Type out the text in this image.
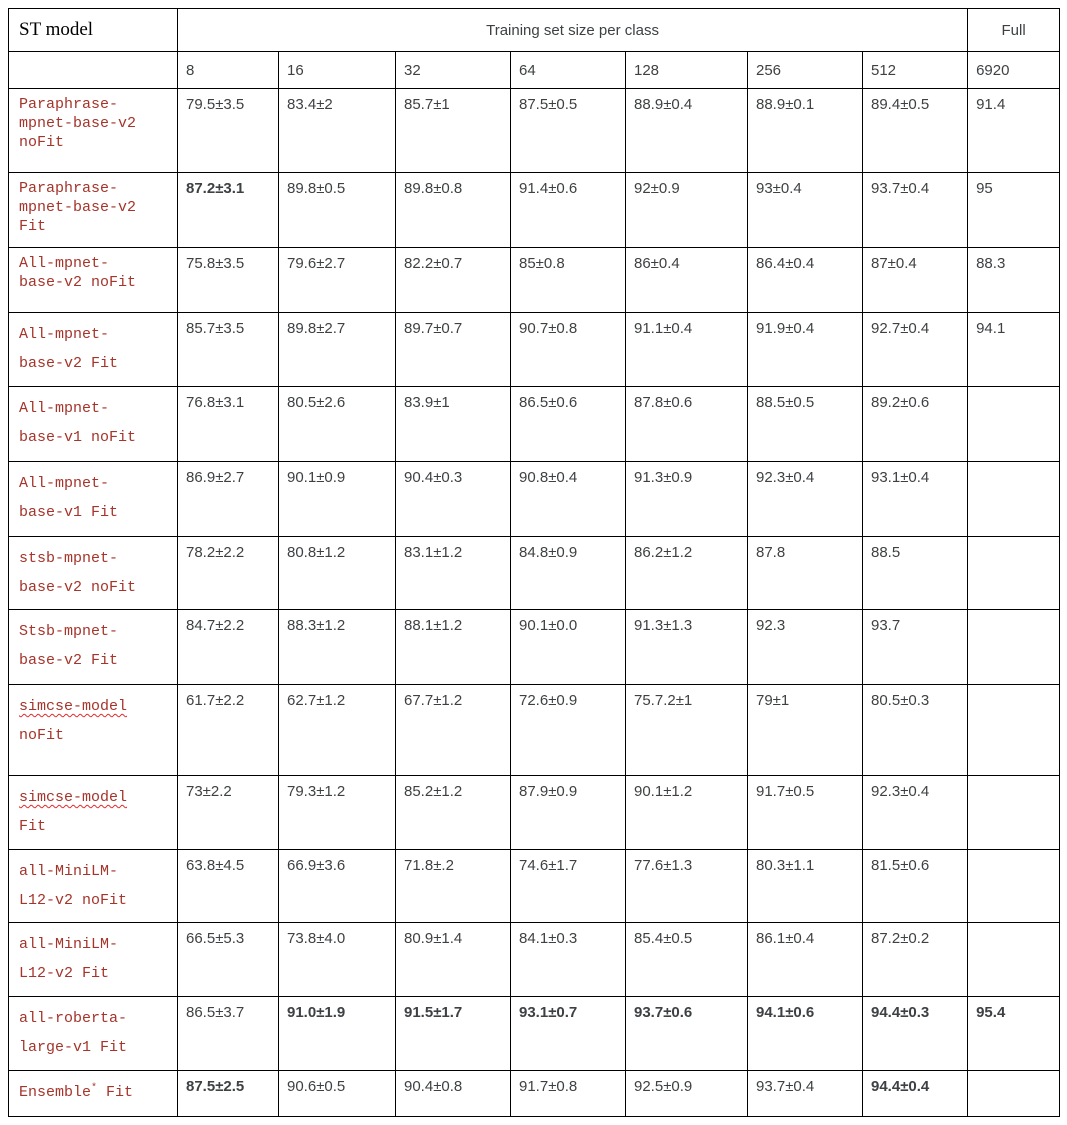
ST model	Training set size per class							Full
	8	16	32	64	128	256	512	6920
Paraphrase-
mpnet-base-v2
noFit	79.5±3.5	83.4±2	85.7±1	87.5±0.5	88.9±0.4	88.9±0.1	89.4±0.5	91.4
Paraphrase-
mpnet-base-v2
Fit	87.2±3.1	89.8±0.5	89.8±0.8	91.4±0.6	92±0.9	93±0.4	93.7±0.4	95
All-mpnet-
base-v2 noFit	75.8±3.5	79.6±2.7	82.2±0.7	85±0.8	86±0.4	86.4±0.4	87±0.4	88.3
All-mpnet-
base-v2 Fit	85.7±3.5	89.8±2.7	89.7±0.7	90.7±0.8	91.1±0.4	91.9±0.4	92.7±0.4	94.1
All-mpnet-
base-v1 noFit	76.8±3.1	80.5±2.6	83.9±1	86.5±0.6	87.8±0.6	88.5±0.5	89.2±0.6	
All-mpnet-
base-v1 Fit	86.9±2.7	90.1±0.9	90.4±0.3	90.8±0.4	91.3±0.9	92.3±0.4	93.1±0.4	
stsb-mpnet-
base-v2 noFit	78.2±2.2	80.8±1.2	83.1±1.2	84.8±0.9	86.2±1.2	87.8	88.5	
Stsb-mpnet-
base-v2 Fit	84.7±2.2	88.3±1.2	88.1±1.2	90.1±0.0	91.3±1.3	92.3	93.7	
simcse-model
noFit	61.7±2.2	62.7±1.2	67.7±1.2	72.6±0.9	75.7.2±1	79±1	80.5±0.3	
simcse-model
Fit	73±2.2	79.3±1.2	85.2±1.2	87.9±0.9	90.1±1.2	91.7±0.5	92.3±0.4	
all-MiniLM-
L12-v2 noFit	63.8±4.5	66.9±3.6	71.8±.2	74.6±1.7	77.6±1.3	80.3±1.1	81.5±0.6	
all-MiniLM-
L12-v2 Fit	66.5±5.3	73.8±4.0	80.9±1.4	84.1±0.3	85.4±0.5	86.1±0.4	87.2±0.2	
all-roberta-
large-v1 Fit	86.5±3.7	91.0±1.9	91.5±1.7	93.1±0.7	93.7±0.6	94.1±0.6	94.4±0.3	95.4
Ensemble* Fit	87.5±2.5	90.6±0.5	90.4±0.8	91.7±0.8	92.5±0.9	93.7±0.4	94.4±0.4	
